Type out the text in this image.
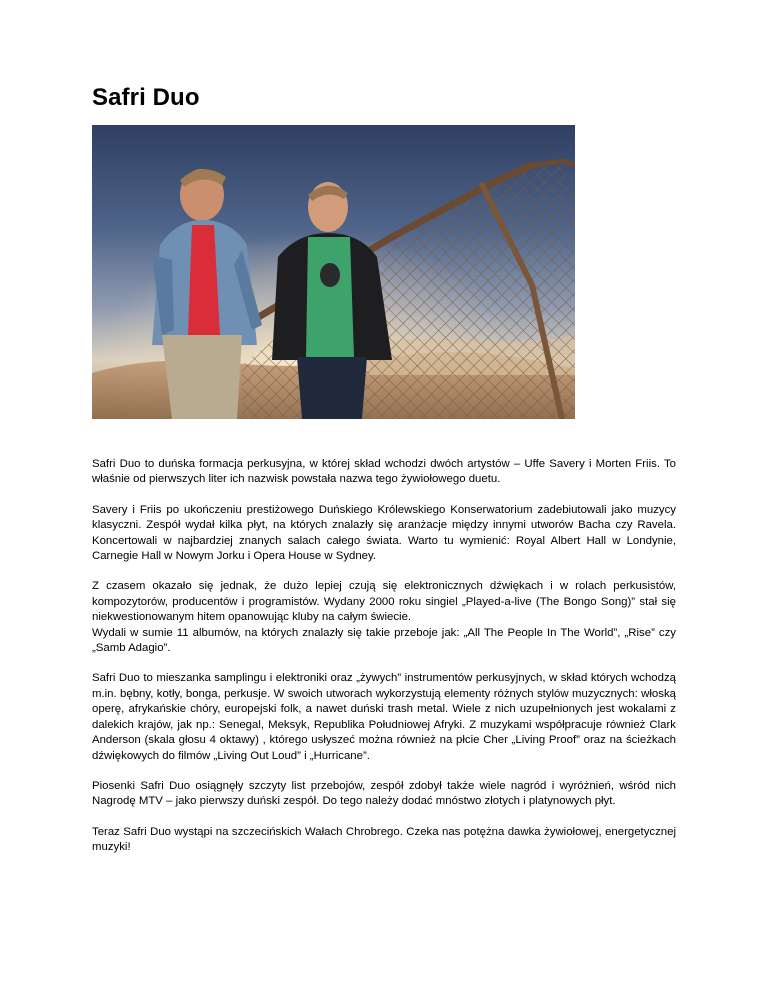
Safri Duo

Safri Duo to duńska formacja perkusyjna, w której skład wchodzi dwóch artystów – Uffe Savery i Morten Friis. To właśnie od pierwszych liter ich nazwisk powstała nazwa tego żywiołowego duetu.

Savery i Friis po ukończeniu prestiżowego Duńskiego Królewskiego Konserwatorium zadebiutowali jako muzycy klasyczni. Zespół wydał kilka płyt, na których znalazły się aranżacje między innymi utworów Bacha czy Ravela. Koncertowali w najbardziej znanych salach całego świata. Warto tu wymienić: Royal Albert Hall w Londynie, Carnegie Hall w Nowym Jorku i Opera House w Sydney.

Z czasem okazało się jednak, że dużo lepiej czują się elektronicznych dźwiękach i w rolach perkusistów, kompozytorów, producentów i programistów. Wydany 2000 roku singiel „Played-a-live (The Bongo Song)” stał się niekwestionowanym hitem opanowując kluby na całym świecie.
Wydali w sumie 11 albumów, na których znalazły się takie przeboje jak: „All The People In The World”, „Rise” czy „Samb Adagio”.

Safri Duo to mieszanka samplingu i elektroniki oraz „żywych” instrumentów perkusyjnych, w skład których wchodzą m.in. bębny, kotły, bonga, perkusje. W swoich utworach wykorzystują elementy różnych stylów muzycznych: włoską operę, afrykańskie chóry, europejski folk, a nawet duński trash metal. Wiele z nich uzupełnionych jest wokalami z dalekich krajów, jak np.: Senegal, Meksyk, Republika Południowej Afryki. Z muzykami współpracuje również Clark Anderson (skala głosu 4 oktawy) , którego usłyszeć można również na płcie Cher „Living Proof” oraz na ścieżkach dźwiękowych do filmów „Living Out Loud” i „Hurricane”.

Piosenki Safri Duo osiągnęły szczyty list przebojów, zespół zdobył także wiele nagród i wyróżnień, wśród nich Nagrodę MTV – jako pierwszy duński zespół. Do tego należy dodać mnóstwo złotych i platynowych płyt.

Teraz Safri Duo wystąpi na szczecińskich Wałach Chrobrego. Czeka nas potężna dawka żywiołowej, energetycznej muzyki!
